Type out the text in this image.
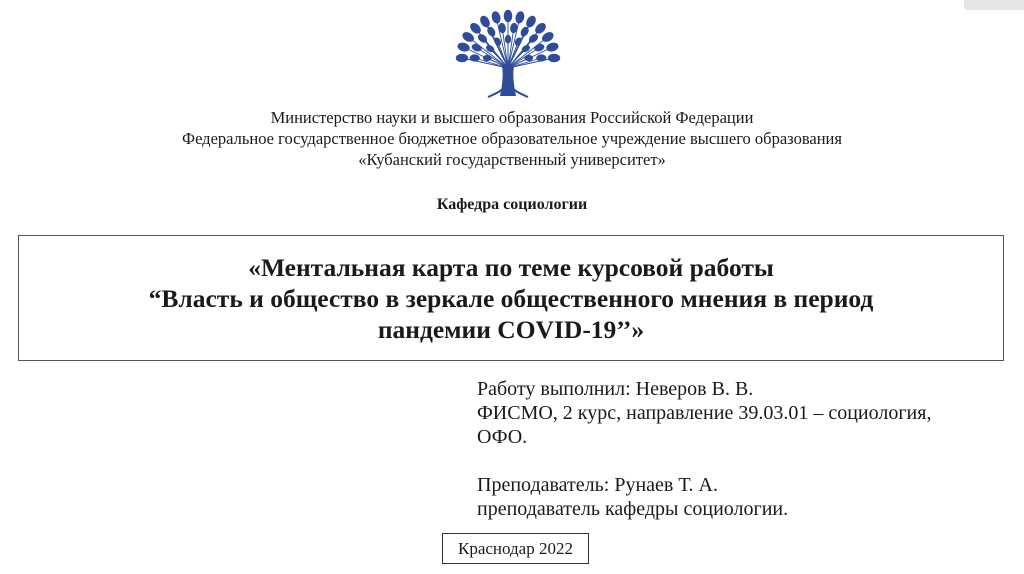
Министерство науки и высшего образования Российской Федерации
Федеральное государственное бюджетное образовательное учреждение высшего образования
«Кубанский государственный университет»
Кафедра социологии
«Ментальная карта по теме курсовой работы
“Власть и общество в зеркале общественного мнения в период
пандемии COVID-19’’»
Работу выполнил: Неверов В. В.
ФИСМО, 2 курс, направление 39.03.01 – социология,
ОФО.
Преподаватель: Рунаев Т. А.
преподаватель кафедры социологии.
Краснодар 2022
